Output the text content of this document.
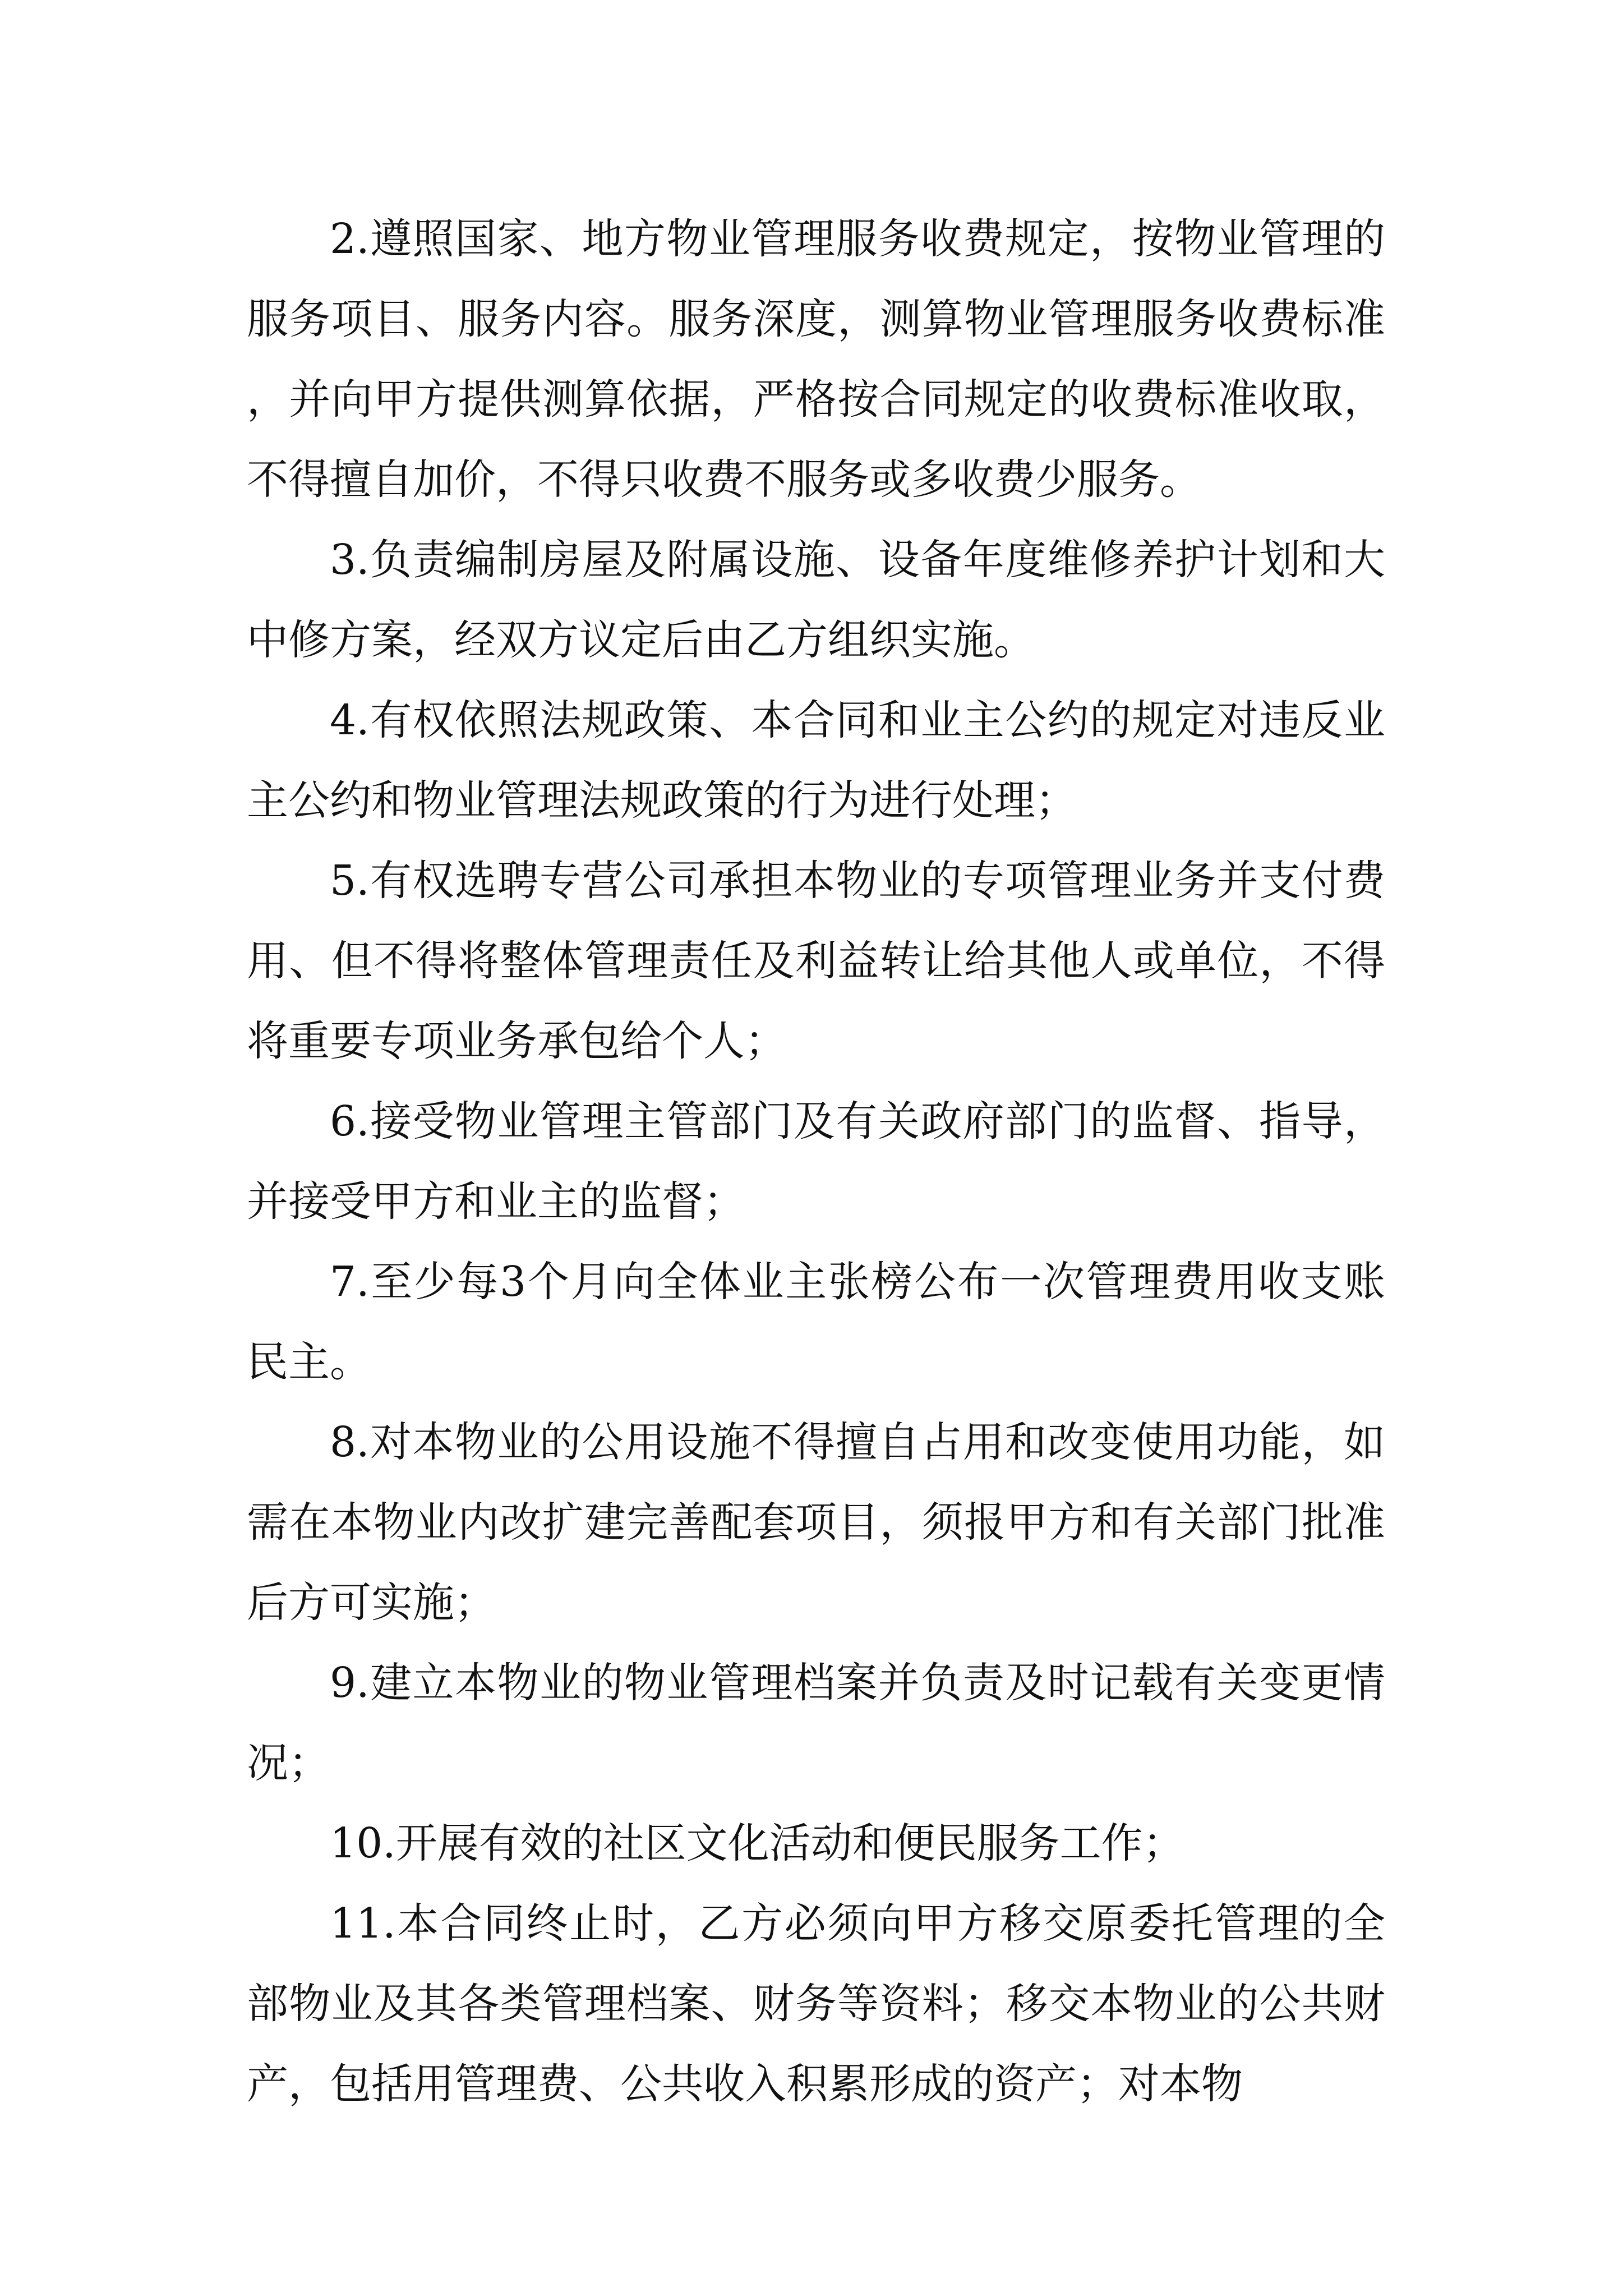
2.遵照国家、地方物业管理服务收费规定，按物业管理的服务项目、服务内容。服务深度，测算物业管理服务收费标准，并向甲方提供测算依据，严格按合同规定的收费标准收取，不得擅自加价，不得只收费不服务或多收费少服务。

3.负责编制房屋及附属设施、设备年度维修养护计划和大中修方案，经双方议定后由乙方组织实施。

4.有权依照法规政策、本合同和业主公约的规定对违反业主公约和物业管理法规政策的行为进行处理；

5.有权选聘专营公司承担本物业的专项管理业务并支付费用、但不得将整体管理责任及利益转让给其他人或单位，不得将重要专项业务承包给个人；

6.接受物业管理主管部门及有关政府部门的监督、指导，并接受甲方和业主的监督；

7.至少每3个月向全体业主张榜公布一次管理费用收支账民主。

8.对本物业的公用设施不得擅自占用和改变使用功能，如需在本物业内改扩建完善配套项目，须报甲方和有关部门批准后方可实施；

9.建立本物业的物业管理档案并负责及时记载有关变更情况；

10.开展有效的社区文化活动和便民服务工作；

11.本合同终止时，乙方必须向甲方移交原委托管理的全部物业及其各类管理档案、财务等资料；移交本物业的公共财产，包括用管理费、公共收入积累形成的资产；对本物
